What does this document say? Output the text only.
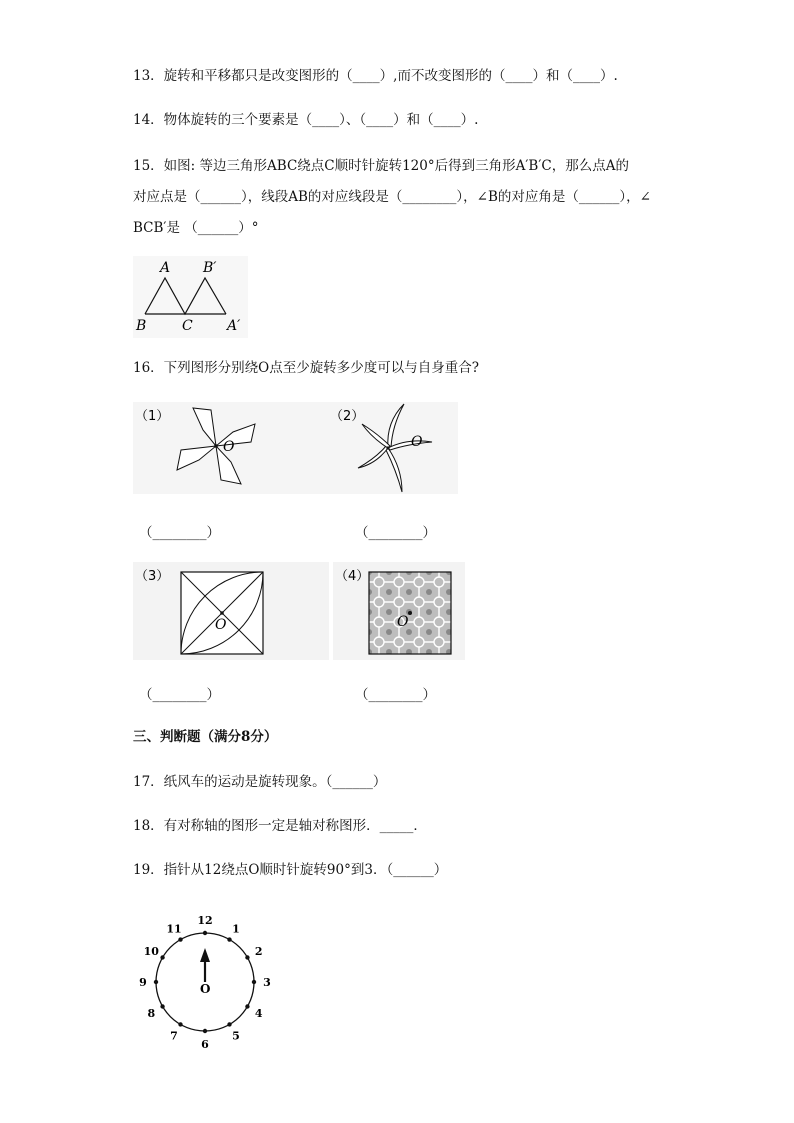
13．旋转和平移都只是改变图形的（____）,而不改变图形的（____）和（____）.
14．物体旋转的三个要素是（____）、（____）和（____）.
15．如图: 等边三角形ABC绕点C顺时针旋转120°后得到三角形A′B′C，那么点A的
对应点是（______），线段AB的对应线段是（________），∠B的对应角是（______），∠
BCB′是 （______）°
A B′
B	C A′
16．下列图形分别绕O点至少旋转多少度可以与自身重合?
（1）
O
（2）
O
（________）	（________）
（3）
O
（4）
O
（________）	（________）
三、判断题（满分8分）
17．纸风车的运动是旋转现象。（______）
18．有对称轴的图形一定是轴对称图形．_____．
19．指针从12绕点O顺时针旋转90°到3．（______）
12
1
2
3
4
5
6
7
8
9
10
11
O
